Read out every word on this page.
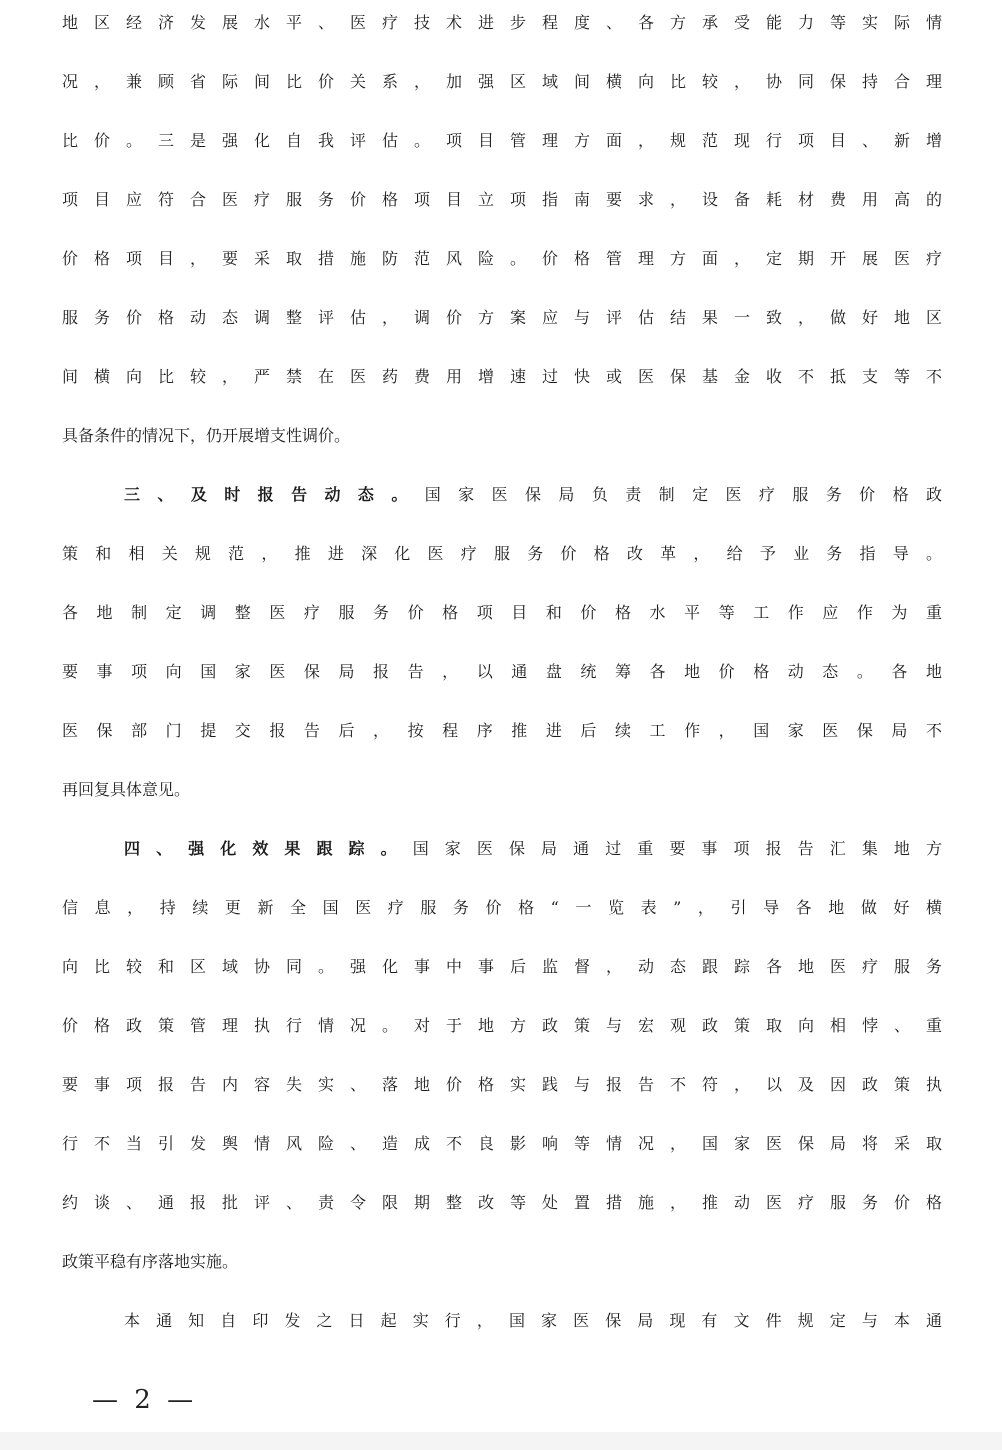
地区经济发展水平、医疗技术进步程度、各方承受能力等实际情
况，兼顾省际间比价关系，加强区域间横向比较，协同保持合理
比价。三是强化自我评估。项目管理方面，规范现行项目、新增
项目应符合医疗服务价格项目立项指南要求，设备耗材费用高的
价格项目，要采取措施防范风险。价格管理方面，定期开展医疗
服务价格动态调整评估，调价方案应与评估结果一致，做好地区
间横向比较，严禁在医药费用增速过快或医保基金收不抵支等不
具备条件的情况下，仍开展增支性调价。
三、及时报告动态。国家医保局负责制定医疗服务价格政
策和相关规范，推进深化医疗服务价格改革，给予业务指导。
各地制定调整医疗服务价格项目和价格水平等工作应作为重
要事项向国家医保局报告，以通盘统筹各地价格动态。各地
医保部门提交报告后，按程序推进后续工作，国家医保局不
再回复具体意见。
四、强化效果跟踪。国家医保局通过重要事项报告汇集地方
信息，持续更新全国医疗服务价格“一览表”，引导各地做好横
向比较和区域协同。强化事中事后监督，动态跟踪各地医疗服务
价格政策管理执行情况。对于地方政策与宏观政策取向相悖、重
要事项报告内容失实、落地价格实践与报告不符，以及因政策执
行不当引发舆情风险、造成不良影响等情况，国家医保局将采取
约谈、通报批评、责令限期整改等处置措施，推动医疗服务价格
政策平稳有序落地实施。
本通知自印发之日起实行，国家医保局现有文件规定与本通
— 2 —
